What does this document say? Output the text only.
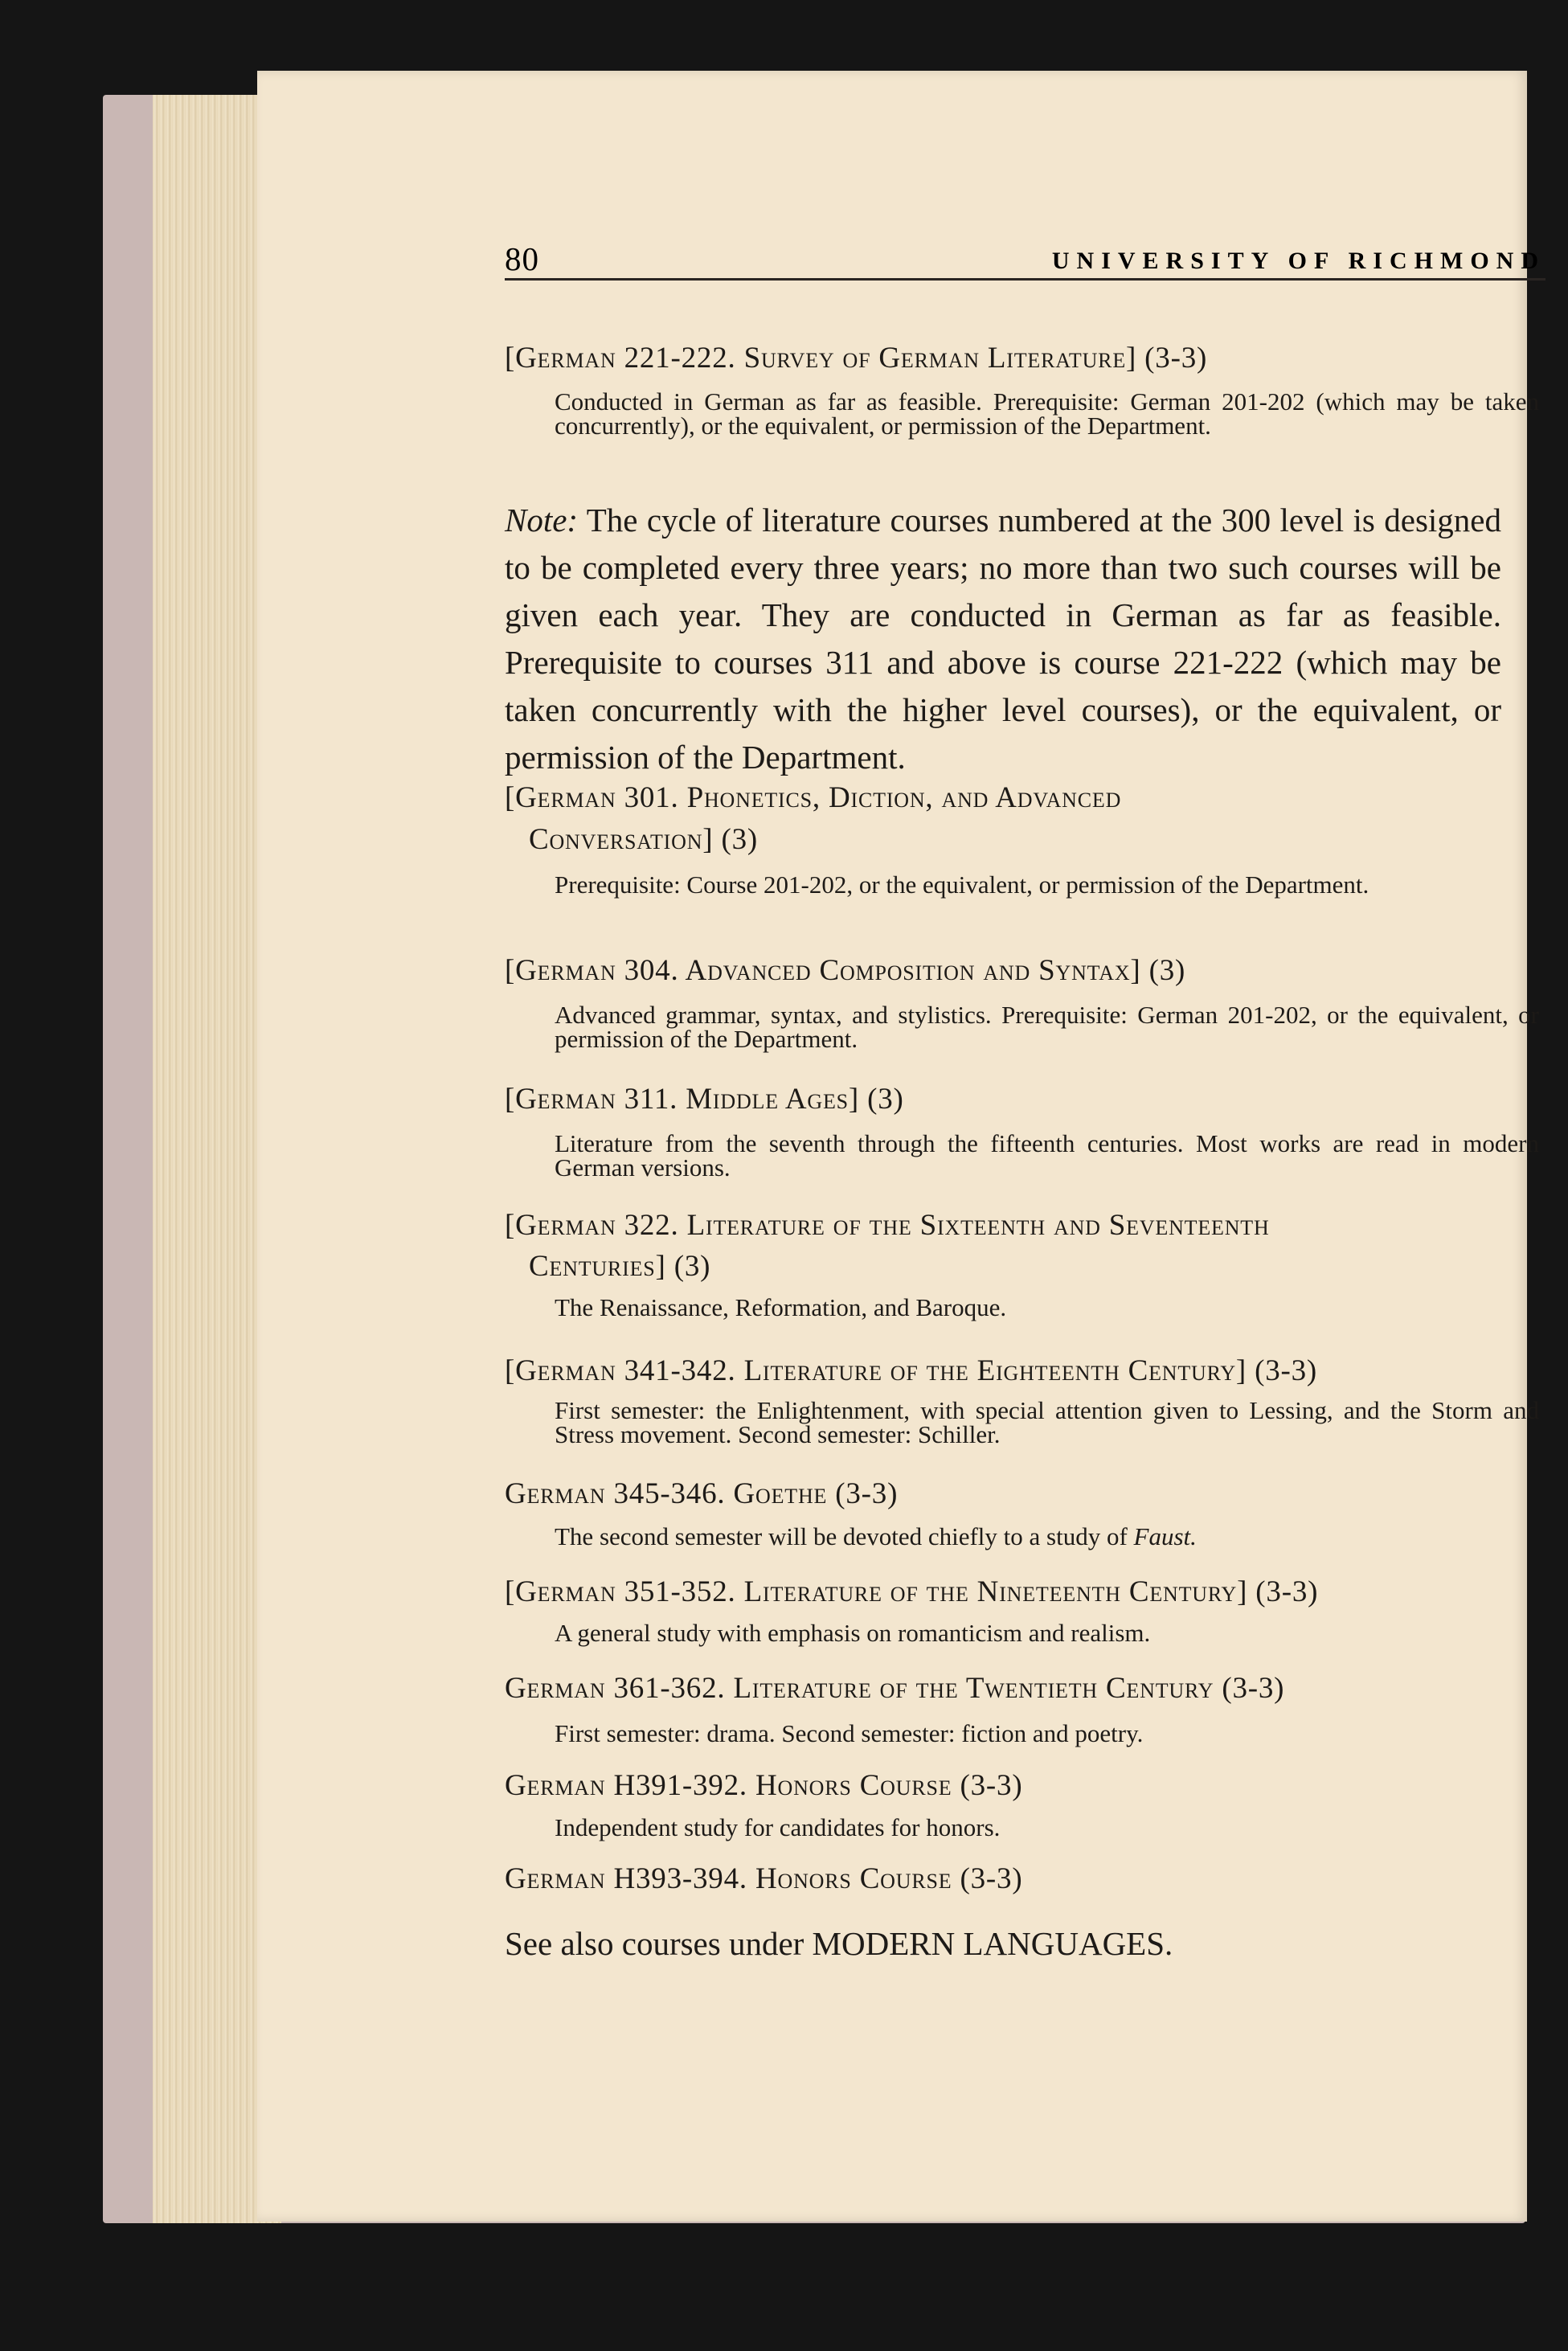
80	UNIVERSITY OF RICHMOND
[German 221-222. Survey of German Literature] (3-3)
Conducted in German as far as feasible. Prerequisite: German 201-202 (which may be taken concurrently), or the equivalent, or permission of the Department.
Note: The cycle of literature courses numbered at the 300 level is designed to be completed every three years; no more than two such courses will be given each year. They are conducted in German as far as feasible. Prerequisite to courses 311 and above is course 221-222 (which may be taken concurrently with the higher level courses), or the equivalent, or permission of the Department.
[German 301. Phonetics, Diction, and Advanced
Conversation] (3)
Prerequisite: Course 201-202, or the equivalent, or permission of the Department.
[German 304. Advanced Composition and Syntax] (3)
Advanced grammar, syntax, and stylistics. Prerequisite: German 201-202, or the equivalent, or permission of the Department.
[German 311. Middle Ages] (3)
Literature from the seventh through the fifteenth centuries. Most works are read in modern German versions.
[German 322. Literature of the Sixteenth and Seventeenth
Centuries] (3)
The Renaissance, Reformation, and Baroque.
[German 341-342. Literature of the Eighteenth Century] (3-3)
First semester: the Enlightenment, with special attention given to Lessing, and the Storm and Stress movement. Second semester: Schiller.
German 345-346. Goethe (3-3)
The second semester will be devoted chiefly to a study of Faust.
[German 351-352. Literature of the Nineteenth Century] (3-3)
A general study with emphasis on romanticism and realism.
German 361-362. Literature of the Twentieth Century (3-3)
First semester: drama. Second semester: fiction and poetry.
German H391-392. Honors Course (3-3)
Independent study for candidates for honors.
German H393-394. Honors Course (3-3)
See also courses under MODERN LANGUAGES.
